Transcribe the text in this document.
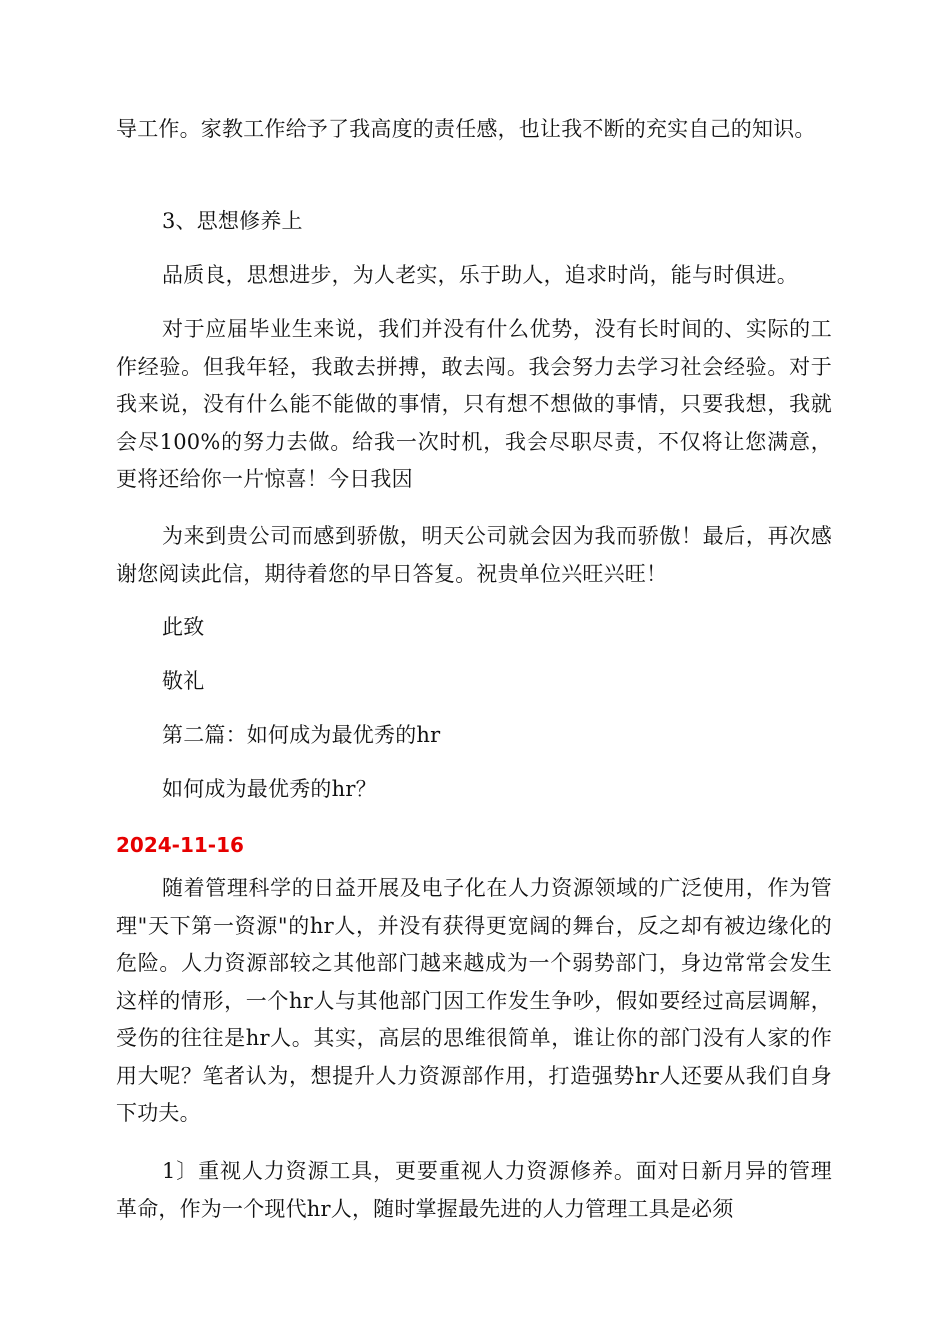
导工作。家教工作给予了我高度的责任感，也让我不断的充实自己的知识。

3、思想修养上

品质良，思想进步，为人老实，乐于助人，追求时尚，能与时俱进。

对于应届毕业生来说，我们并没有什么优势，没有长时间的、实际的工作经验。但我年轻，我敢去拼搏，敢去闯。我会努力去学习社会经验。对于我来说，没有什么能不能做的事情，只有想不想做的事情，只要我想，我就会尽100%的努力去做。给我一次时机，我会尽职尽责，不仅将让您满意，更将还给你一片惊喜！今日我因

为来到贵公司而感到骄傲，明天公司就会因为我而骄傲！最后，再次感谢您阅读此信，期待着您的早日答复。祝贵单位兴旺兴旺！

此致

敬礼

第二篇：如何成为最优秀的hr

如何成为最优秀的hr？

2024-11-16

随着管理科学的日益开展及电子化在人力资源领域的广泛使用，作为管理"天下第一资源"的hr人，并没有获得更宽阔的舞台，反之却有被边缘化的危险。人力资源部较之其他部门越来越成为一个弱势部门，身边常常会发生这样的情形，一个hr人与其他部门因工作发生争吵，假如要经过高层调解，受伤的往往是hr人。其实，高层的思维很简单，谁让你的部门没有人家的作用大呢？笔者认为，想提升人力资源部作用，打造强势hr人还要从我们自身下功夫。

1〕重视人力资源工具，更要重视人力资源修养。面对日新月异的管理革命，作为一个现代hr人，随时掌握最先进的人力管理工具是必须
